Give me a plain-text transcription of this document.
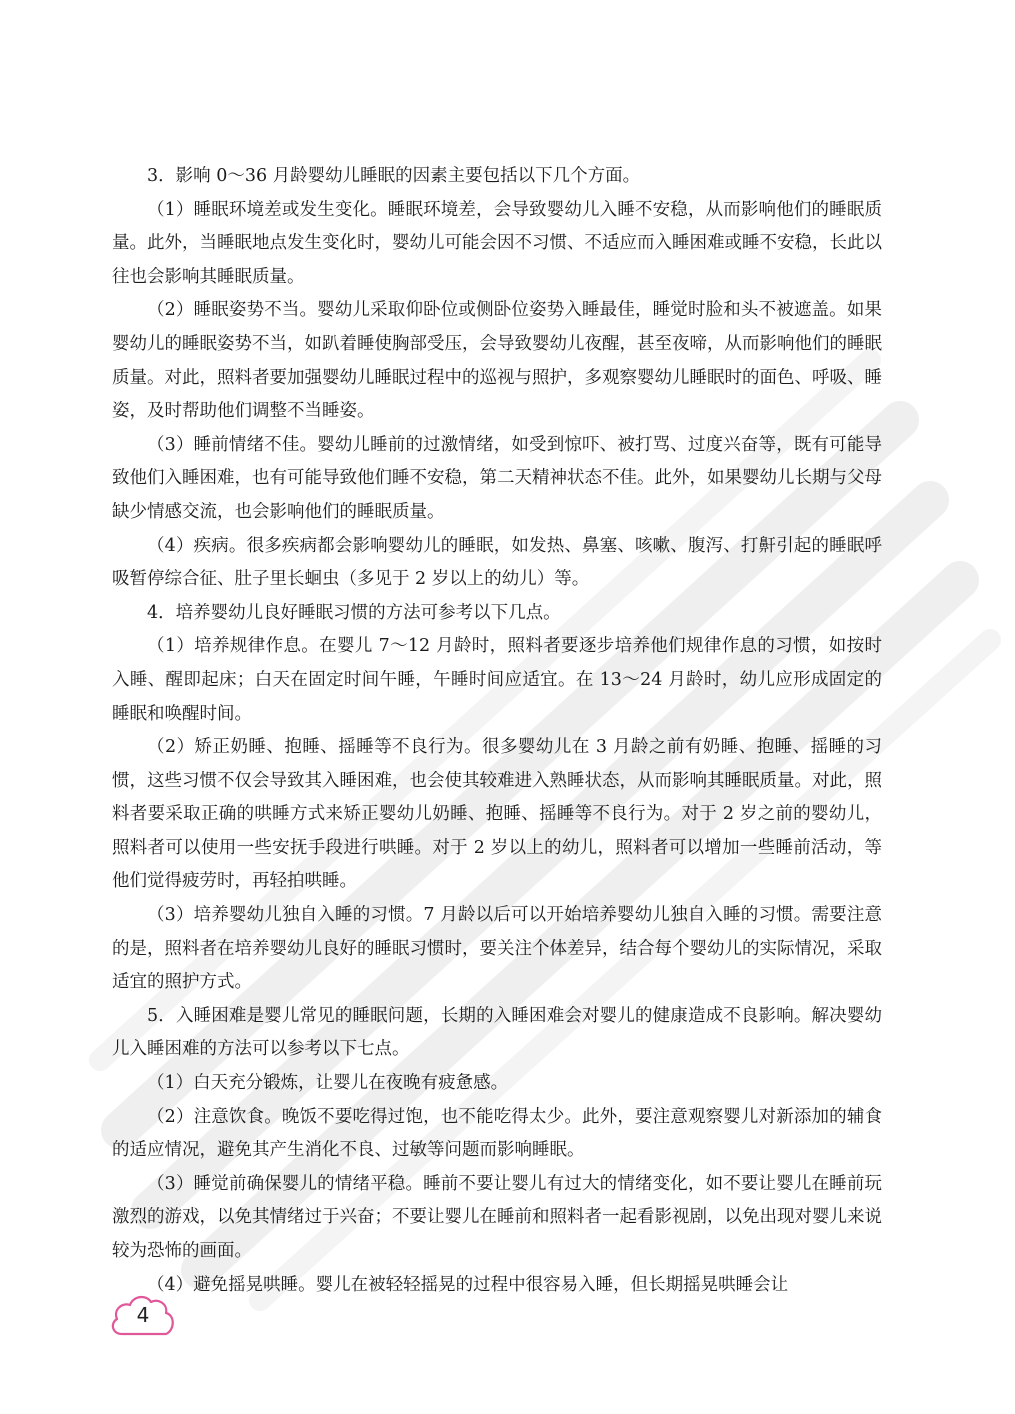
3．影响 0～36 月龄婴幼儿睡眠的因素主要包括以下几个方面。

（1）睡眠环境差或发生变化。睡眠环境差，会导致婴幼儿入睡不安稳，从而影响他们的睡眠质量。此外，当睡眠地点发生变化时，婴幼儿可能会因不习惯、不适应而入睡困难或睡不安稳，长此以往也会影响其睡眠质量。

（2）睡眠姿势不当。婴幼儿采取仰卧位或侧卧位姿势入睡最佳，睡觉时脸和头不被遮盖。如果婴幼儿的睡眠姿势不当，如趴着睡使胸部受压，会导致婴幼儿夜醒，甚至夜啼，从而影响他们的睡眠质量。对此，照料者要加强婴幼儿睡眠过程中的巡视与照护，多观察婴幼儿睡眠时的面色、呼吸、睡姿，及时帮助他们调整不当睡姿。

（3）睡前情绪不佳。婴幼儿睡前的过激情绪，如受到惊吓、被打骂、过度兴奋等，既有可能导致他们入睡困难，也有可能导致他们睡不安稳，第二天精神状态不佳。此外，如果婴幼儿长期与父母缺少情感交流，也会影响他们的睡眠质量。

（4）疾病。很多疾病都会影响婴幼儿的睡眠，如发热、鼻塞、咳嗽、腹泻、打鼾引起的睡眠呼吸暂停综合征、肚子里长蛔虫（多见于 2 岁以上的幼儿）等。

4．培养婴幼儿良好睡眠习惯的方法可参考以下几点。

（1）培养规律作息。在婴儿 7～12 月龄时，照料者要逐步培养他们规律作息的习惯，如按时入睡、醒即起床；白天在固定时间午睡，午睡时间应适宜。在 13～24 月龄时，幼儿应形成固定的睡眠和唤醒时间。

（2）矫正奶睡、抱睡、摇睡等不良行为。很多婴幼儿在 3 月龄之前有奶睡、抱睡、摇睡的习惯，这些习惯不仅会导致其入睡困难，也会使其较难进入熟睡状态，从而影响其睡眠质量。对此，照料者要采取正确的哄睡方式来矫正婴幼儿奶睡、抱睡、摇睡等不良行为。对于 2 岁之前的婴幼儿，照料者可以使用一些安抚手段进行哄睡。对于 2 岁以上的幼儿，照料者可以增加一些睡前活动，等他们觉得疲劳时，再轻拍哄睡。

（3）培养婴幼儿独自入睡的习惯。7 月龄以后可以开始培养婴幼儿独自入睡的习惯。需要注意的是，照料者在培养婴幼儿良好的睡眠习惯时，要关注个体差异，结合每个婴幼儿的实际情况，采取适宜的照护方式。

5．入睡困难是婴儿常见的睡眠问题，长期的入睡困难会对婴儿的健康造成不良影响。解决婴幼儿入睡困难的方法可以参考以下七点。

（1）白天充分锻炼，让婴儿在夜晚有疲惫感。

（2）注意饮食。晚饭不要吃得过饱，也不能吃得太少。此外，要注意观察婴儿对新添加的辅食的适应情况，避免其产生消化不良、过敏等问题而影响睡眠。

（3）睡觉前确保婴儿的情绪平稳。睡前不要让婴儿有过大的情绪变化，如不要让婴儿在睡前玩激烈的游戏，以免其情绪过于兴奋；不要让婴儿在睡前和照料者一起看影视剧，以免出现对婴儿来说较为恐怖的画面。

（4）避免摇晃哄睡。婴儿在被轻轻摇晃的过程中很容易入睡，但长期摇晃哄睡会让

4
